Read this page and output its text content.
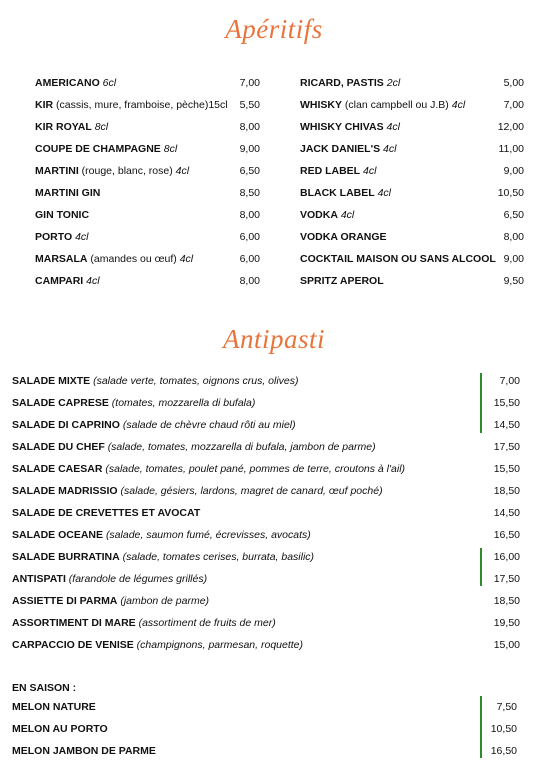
Apéritifs
AMERICANO 6cl	7,00
KIR (cassis, mure, framboise, pèche)15cl	5,50
KIR ROYAL 8cl	8,00
COUPE DE CHAMPAGNE 8cl	9,00
MARTINI (rouge, blanc, rose) 4cl	6,50
MARTINI GIN	8,50
GIN TONIC	8,00
PORTO 4cl	6,00
MARSALA (amandes ou œuf) 4cl	6,00
CAMPARI 4cl	8,00
RICARD, PASTIS 2cl	5,00
WHISKY (clan campbell ou J.B) 4cl	7,00
WHISKY CHIVAS 4cl	12,00
JACK DANIEL'S 4cl	11,00
RED LABEL 4cl	9,00
BLACK LABEL 4cl	10,50
VODKA 4cl	6,50
VODKA ORANGE	8,00
COCKTAIL MAISON OU SANS ALCOOL 9,00
SPRITZ APEROL	9,50
Antipasti
SALADE MIXTE (salade verte, tomates, oignons crus, olives)	7,00
SALADE CAPRESE (tomates, mozzarella di bufala)	15,50
SALADE DI CAPRINO (salade de chèvre chaud rôti au miel)	14,50
SALADE DU CHEF (salade, tomates, mozzarella di bufala, jambon de parme)	17,50
SALADE CAESAR (salade, tomates, poulet pané, pommes de terre, croutons à l'ail)	15,50
SALADE MADRISSIO (salade, gésiers, lardons, magret de canard, œuf poché)	18,50
SALADE DE CREVETTES ET AVOCAT	14,50
SALADE OCEANE (salade, saumon fumé, écrevisses, avocats)	16,50
SALADE BURRATINA (salade, tomates cerises, burrata, basilic)	16,00
ANTISPATI (farandole de légumes grillés)	17,50
ASSIETTE DI PARMA (jambon de parme)	18,50
ASSORTIMENT DI MARE (assortiment de fruits de mer)	19,50
CARPACCIO DE VENISE (champignons, parmesan, roquette)	15,00
EN SAISON :
MELON NATURE	7,50
MELON AU PORTO	10,50
MELON JAMBON DE PARME	16,50
